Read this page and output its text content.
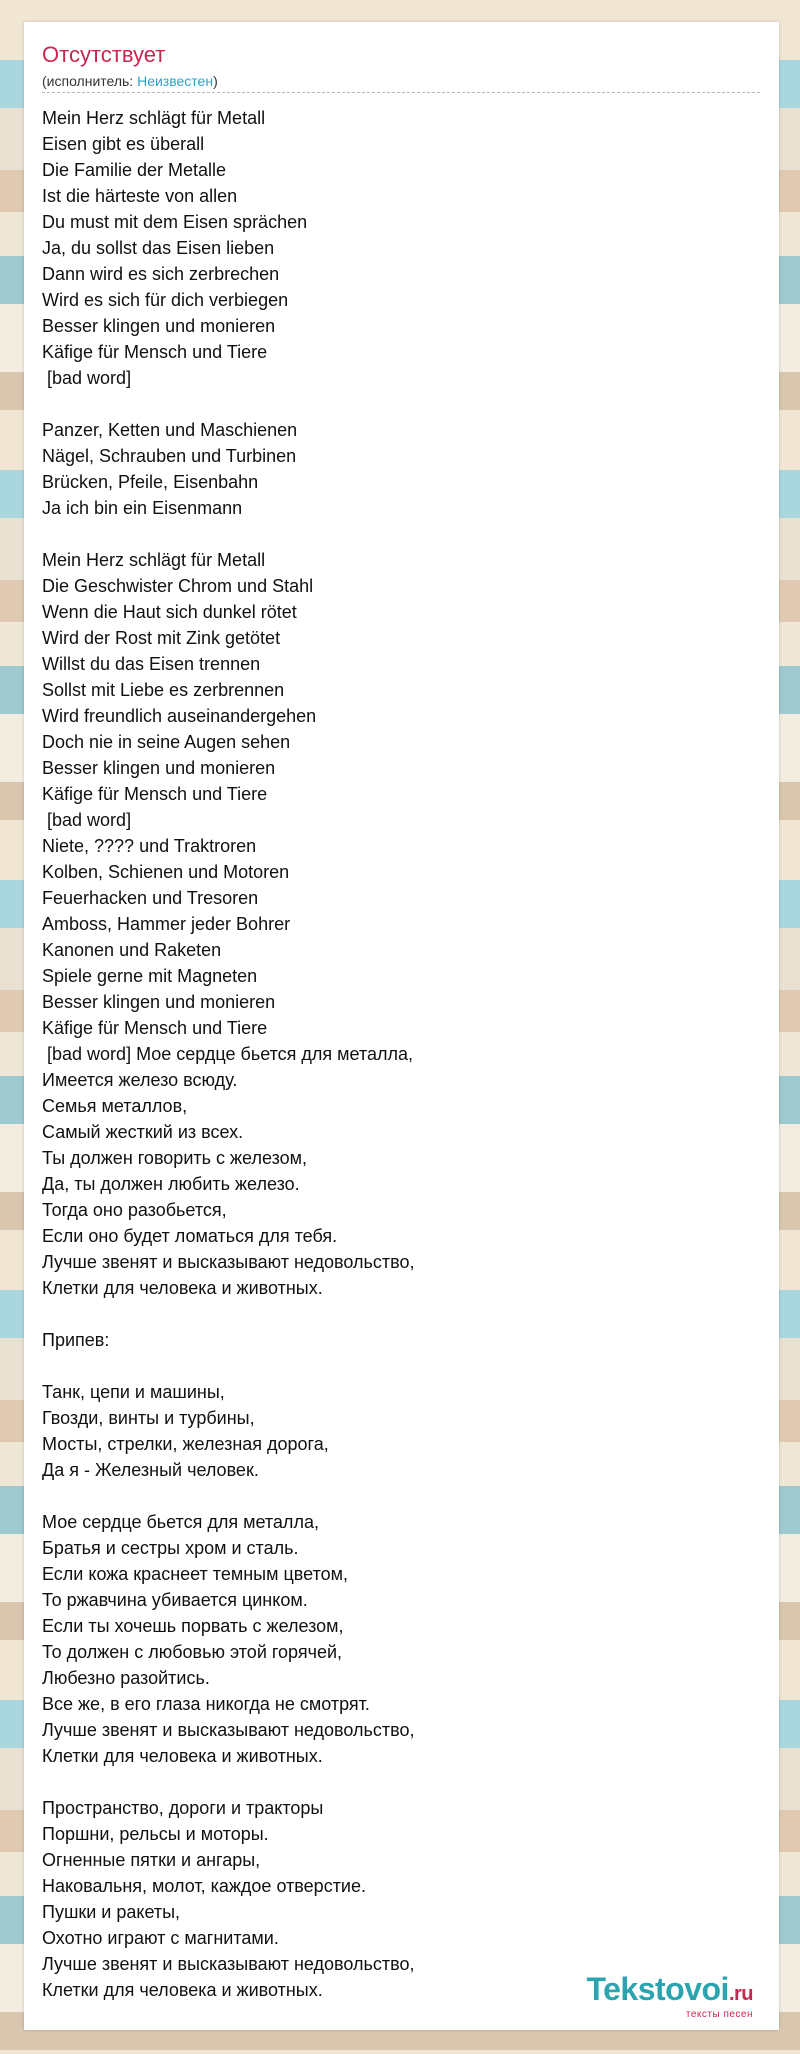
Отсутствует
(исполнитель: Неизвестен)
Mein Herz schlägt für Metall
Eisen gibt es überall
Die Familie der Metalle
Ist die härteste von allen
Du must mit dem Eisen sprächen
Ja, du sollst das Eisen lieben
Dann wird es sich zerbrechen
Wird es sich für dich verbiegen
Besser klingen und monieren
Käfige für Mensch und Tiere
[bad word]

Panzer, Ketten und Maschienen
Nägel, Schrauben und Turbinen
Brücken, Pfeile, Eisenbahn
Ja ich bin ein Eisenmann

Mein Herz schlägt für Metall
Die Geschwister Chrom und Stahl
Wenn die Haut sich dunkel rötet
Wird der Rost mit Zink getötet
Willst du das Eisen trennen
Sollst mit Liebe es zerbrennen
Wird freundlich auseinandergehen
Doch nie in seine Augen sehen
Besser klingen und monieren
Käfige für Mensch und Tiere
[bad word]
Niete, ???? und Traktroren
Kolben, Schienen und Motoren
Feuerhacken und Tresoren
Amboss, Hammer jeder Bohrer
Kanonen und Raketen
Spiele gerne mit Magneten
Besser klingen und monieren
Käfige für Mensch und Tiere
[bad word] Мое сердце бьется для металла,
Имеется железо всюду.
Семья металлов,
Самый жесткий из всех.
Ты должен говорить с железом,
Да, ты должен любить железо.
Тогда оно разобьется,
Если оно будет ломаться для тебя.
Лучше звенят и высказывают недовольство,
Клетки для человека и животных.

Припев:

Танк, цепи и машины,
Гвозди, винты и турбины,
Мосты, стрелки, железная дорога,
Да я - Железный человек.

Мое сердце бьется для металла,
Братья и сестры хром и сталь.
Если кожа краснеет темным цветом,
То ржавчина убивается цинком.
Если ты хочешь порвать с железом,
То должен с любовью этой горячей,
Любезно разойтись.
Все же, в его глаза никогда не смотрят.
Лучше звенят и высказывают недовольство,
Клетки для человека и животных.

Пространство, дороги и тракторы
Поршни, рельсы и моторы.
Огненные пятки и ангары,
Наковальня, молот, каждое отверстие.
Пушки и ракеты,
Охотно играют с магнитами.
Лучше звенят и высказывают недовольство,
Клетки для человека и животных.	Tekstovoi.ru
тексты песен
